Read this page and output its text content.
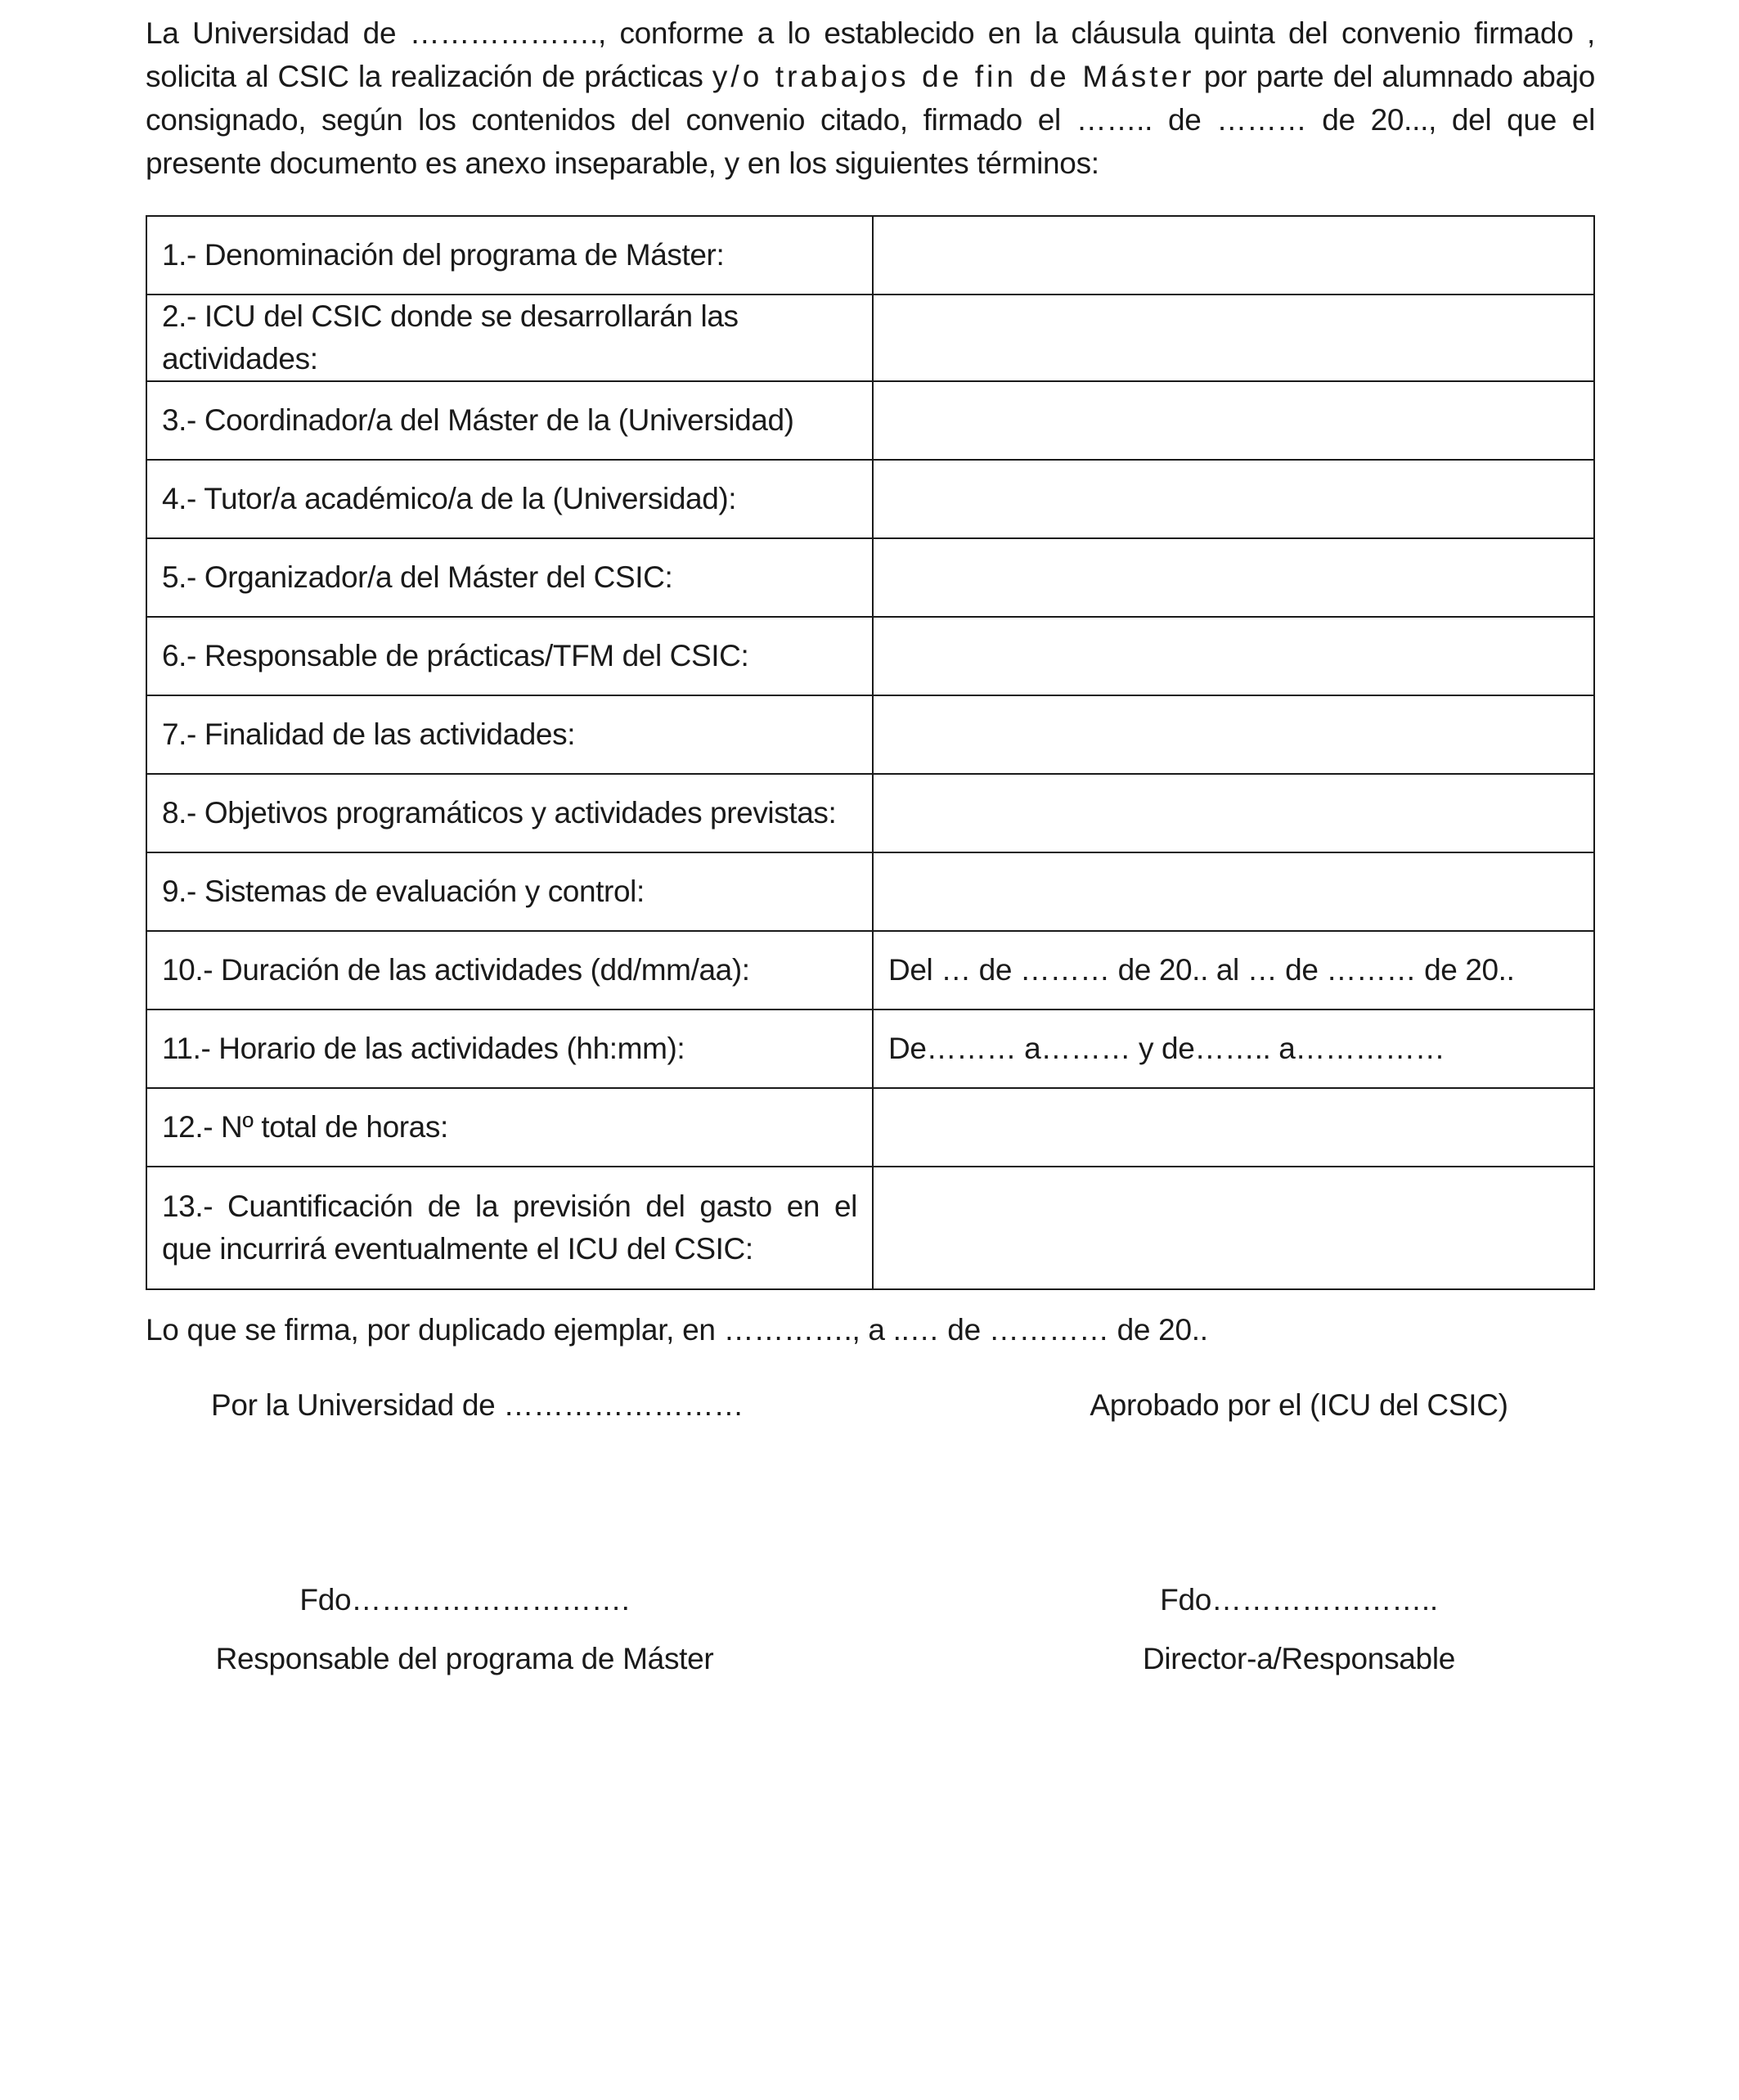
La Universidad de ………………., conforme a lo establecido en la cláusula quinta del convenio firmado , solicita al CSIC la realización de prácticas y/o trabajos de fin de Máster por parte del alumnado abajo consignado, según los contenidos del convenio citado, firmado el …….. de ……… de 20..., del que el presente documento es anexo inseparable, y en los siguientes términos:

1.- Denominación del programa de Máster:	
2.- ICU del CSIC donde se desarrollarán las actividades:	
3.- Coordinador/a del Máster de la (Universidad)	
4.- Tutor/a académico/a de la (Universidad):	
5.- Organizador/a del Máster del CSIC:	
6.- Responsable de prácticas/TFM del CSIC:	
7.- Finalidad de las actividades:	
8.- Objetivos programáticos y actividades previstas:	
9.- Sistemas de evaluación y control:	
10.- Duración de las actividades (dd/mm/aa):	Del … de ……… de 20.. al … de ……… de 20..
11.- Horario de las actividades (hh:mm):	De……… a……… y de…….. a……………
12.- Nº total de horas:	
13.- Cuantificación de la previsión del gasto en el que incurrirá eventualmente el ICU del CSIC:	

Lo que se firma, por duplicado ejemplar, en …………., a ..… de ………… de 20..

Por la Universidad de ……………………
Fdo……………………….
Responsable del programa de Máster
Aprobado por el (ICU del CSIC)
Fdo…………………..
Director-a/Responsable
